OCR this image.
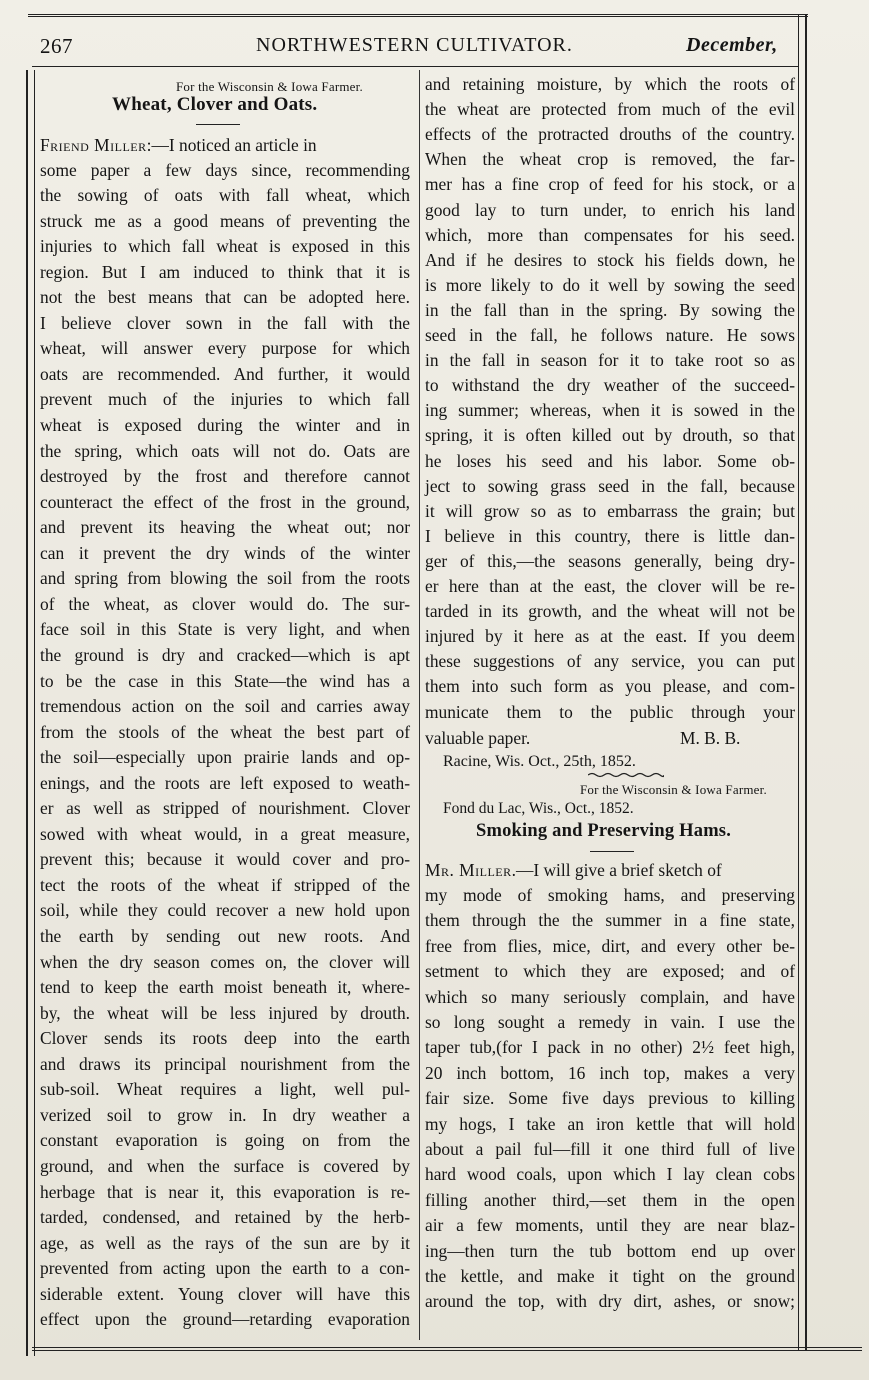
267	NORTHWESTERN CULTIVATOR.	December,
For the Wisconsin & Iowa Farmer.
Wheat, Clover and Oats.
Friend Miller:—I noticed an article in
some paper a few days since, recommending
the sowing of oats with fall wheat, which
struck me as a good means of preventing the
injuries to which fall wheat is exposed in this
region. But I am induced to think that it is
not the best means that can be adopted here.
I believe clover sown in the fall with the
wheat, will answer every purpose for which
oats are recommended. And further, it would
prevent much of the injuries to which fall
wheat is exposed during the winter and in
the spring, which oats will not do. Oats are
destroyed by the frost and therefore cannot
counteract the effect of the frost in the ground,
and prevent its heaving the wheat out; nor
can it prevent the dry winds of the winter
and spring from blowing the soil from the roots
of the wheat, as clover would do. The sur-
face soil in this State is very light, and when
the ground is dry and cracked—which is apt
to be the case in this State—the wind has a
tremendous action on the soil and carries away
from the stools of the wheat the best part of
the soil—especially upon prairie lands and op-
enings, and the roots are left exposed to weath-
er as well as stripped of nourishment. Clover
sowed with wheat would, in a great measure,
prevent this; because it would cover and pro-
tect the roots of the wheat if stripped of the
soil, while they could recover a new hold upon
the earth by sending out new roots. And
when the dry season comes on, the clover will
tend to keep the earth moist beneath it, where-
by, the wheat will be less injured by drouth.
Clover sends its roots deep into the earth
and draws its principal nourishment from the
sub-soil. Wheat requires a light, well pul-
verized soil to grow in. In dry weather a
constant evaporation is going on from the
ground, and when the surface is covered by
herbage that is near it, this evaporation is re-
tarded, condensed, and retained by the herb-
age, as well as the rays of the sun are by it
prevented from acting upon the earth to a con-
siderable extent. Young clover will have this
effect upon the ground—retarding evaporation
and retaining moisture, by which the roots of
the wheat are protected from much of the evil
effects of the protracted drouths of the country.
When the wheat crop is removed, the far-
mer has a fine crop of feed for his stock, or a
good lay to turn under, to enrich his land
which, more than compensates for his seed.
And if he desires to stock his fields down, he
is more likely to do it well by sowing the seed
in the fall than in the spring. By sowing the
seed in the fall, he follows nature. He sows
in the fall in season for it to take root so as
to withstand the dry weather of the succeed-
ing summer; whereas, when it is sowed in the
spring, it is often killed out by drouth, so that
he loses his seed and his labor. Some ob-
ject to sowing grass seed in the fall, because
it will grow so as to embarrass the grain; but
I believe in this country, there is little dan-
ger of this,—the seasons generally, being dry-
er here than at the east, the clover will be re-
tarded in its growth, and the wheat will not be
injured by it here as at the east. If you deem
these suggestions of any service, you can put
them into such form as you please, and com-
municate them to the public through your
valuable paper.	M. B. B.
Racine, Wis. Oct., 25th, 1852.
For the Wisconsin & Iowa Farmer.
Fond du Lac, Wis., Oct., 1852.
Smoking and Preserving Hams.
Mr. Miller.—I will give a brief sketch of
my mode of smoking hams, and preserving
them through the the summer in a fine state,
free from flies, mice, dirt, and every other be-
setment to which they are exposed; and of
which so many seriously complain, and have
so long sought a remedy in vain. I use the
taper tub,(for I pack in no other) 2½ feet high,
20 inch bottom, 16 inch top, makes a very
fair size. Some five days previous to killing
my hogs, I take an iron kettle that will hold
about a pail ful—fill it one third full of live
hard wood coals, upon which I lay clean cobs
filling another third,—set them in the open
air a few moments, until they are near blaz-
ing—then turn the tub bottom end up over
the kettle, and make it tight on the ground
around the top, with dry dirt, ashes, or snow;
